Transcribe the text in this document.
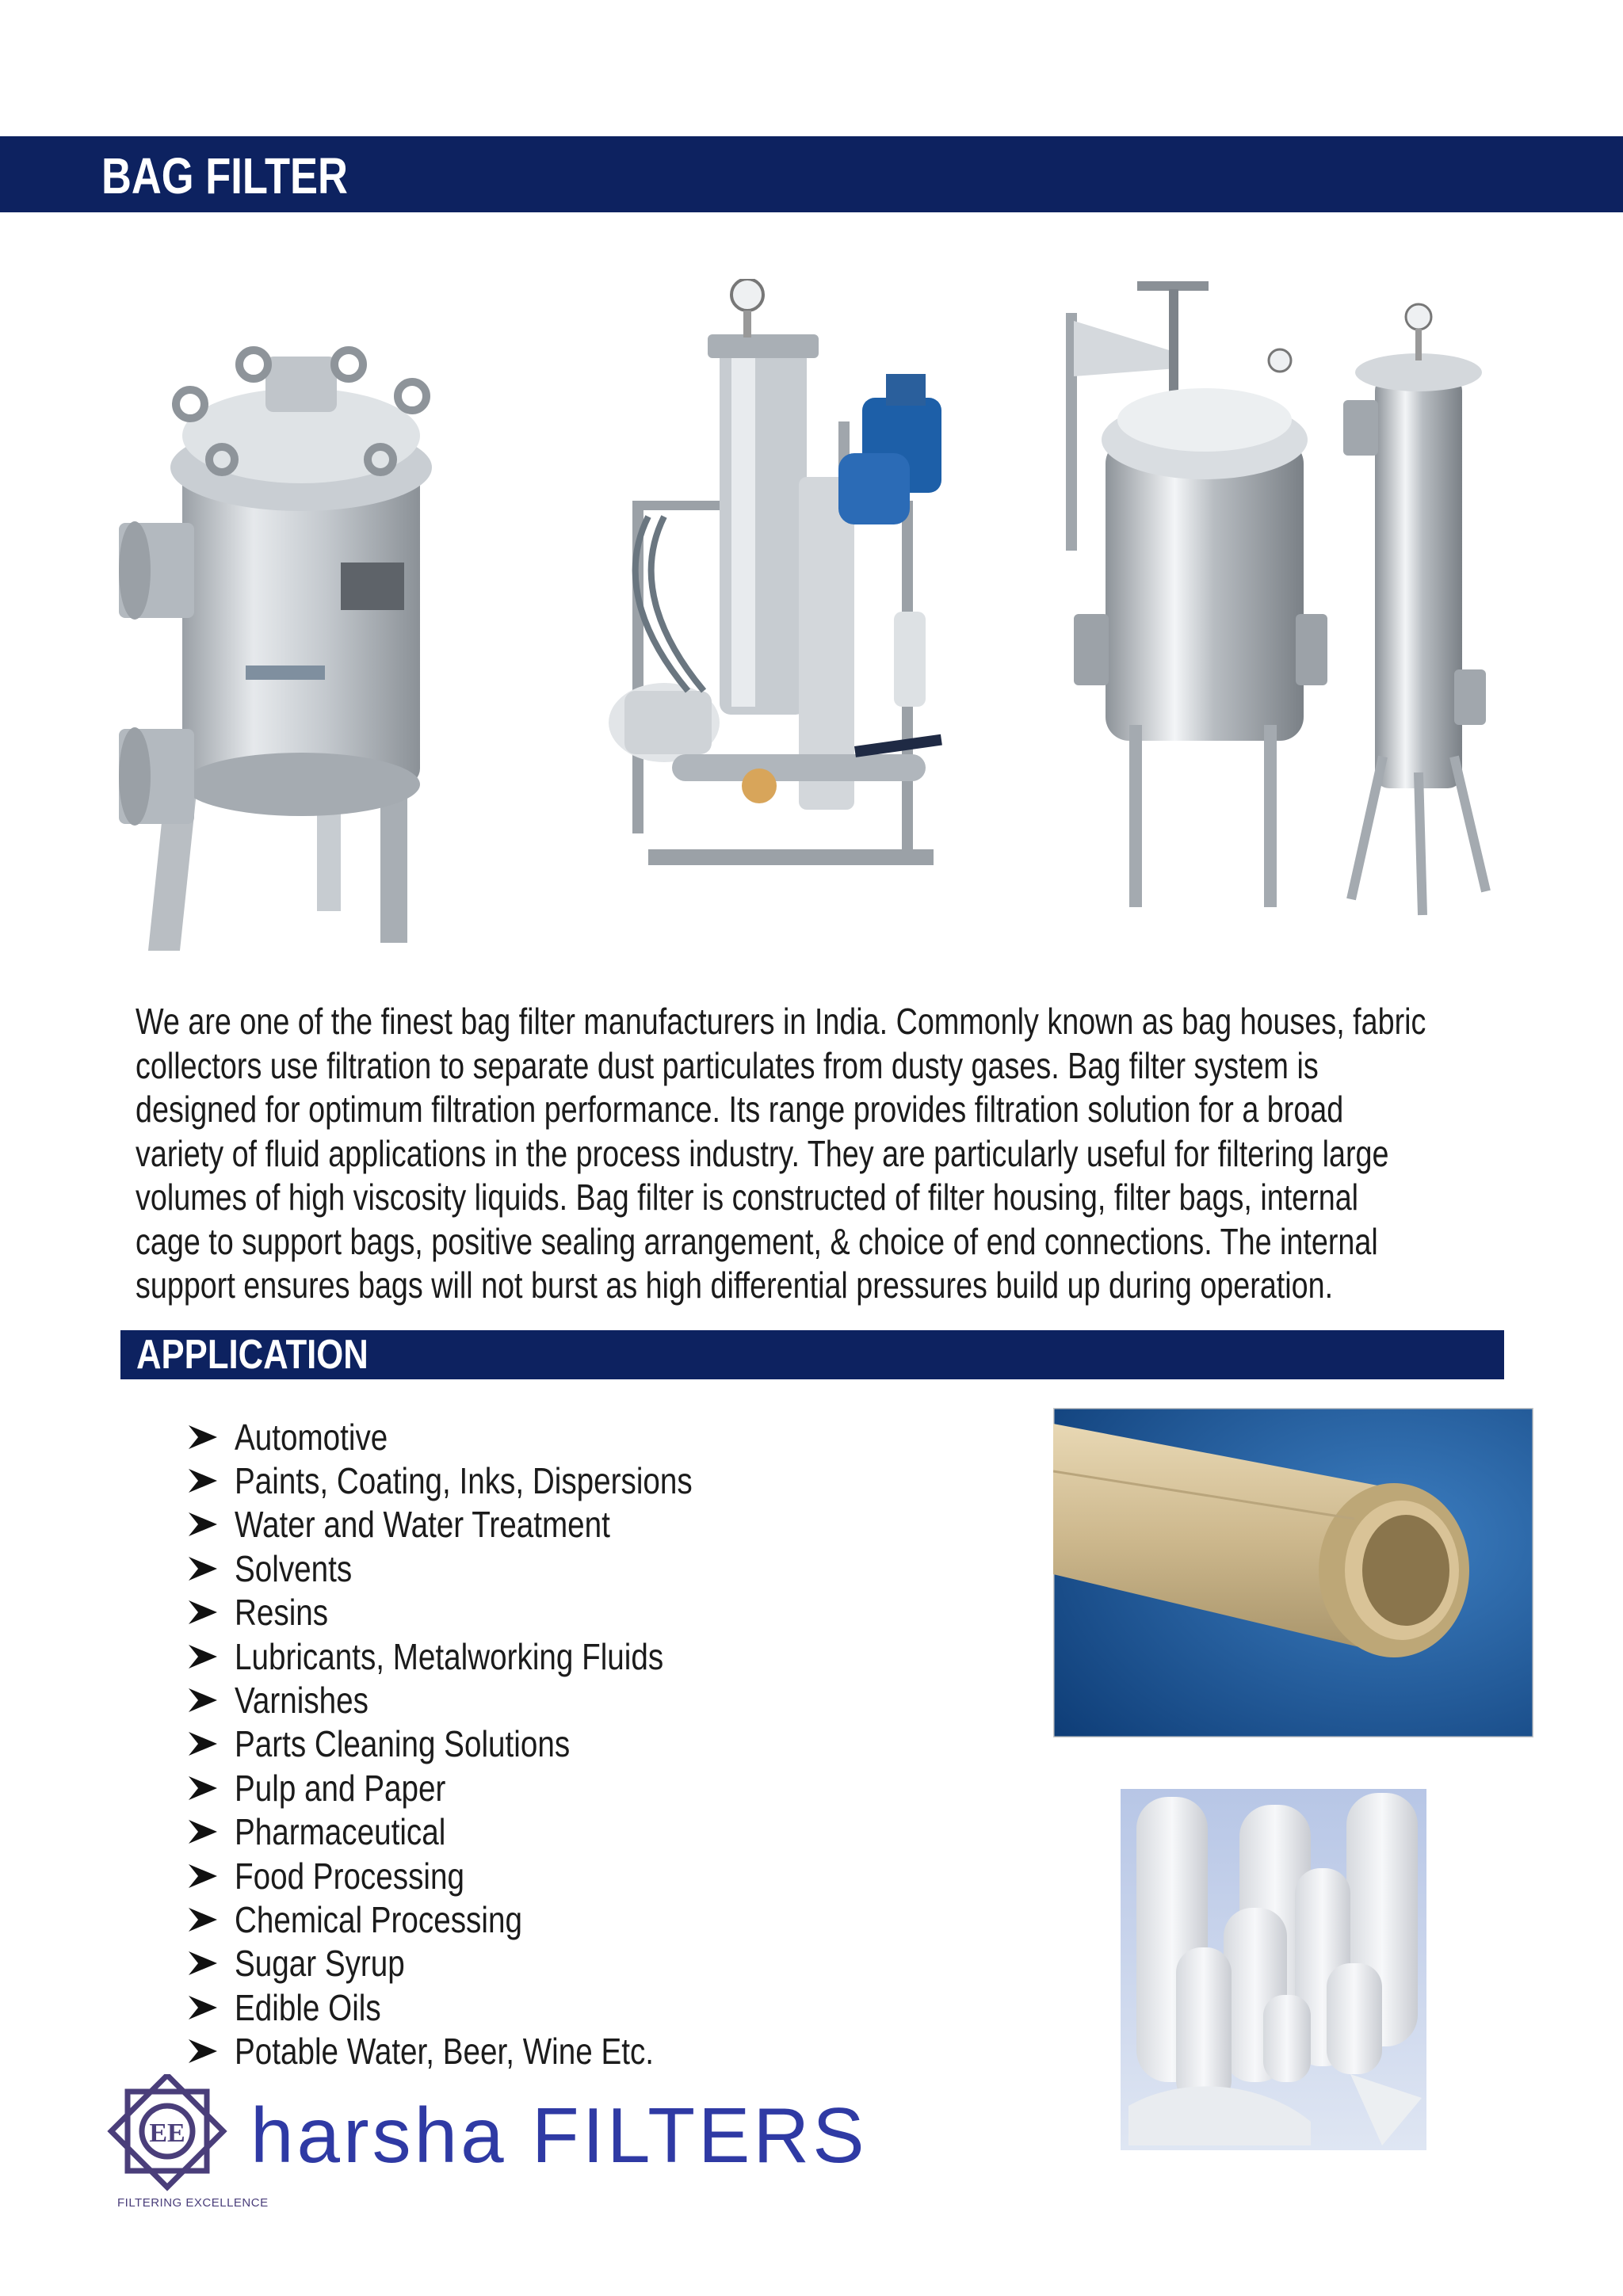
BAG FILTER
We are one of the finest bag filter manufacturers in India. Commonly known as bag houses, fabric
collectors use filtration to separate dust particulates from dusty gases. Bag filter system is
designed for optimum filtration performance. Its range provides filtration solution for a broad
variety of fluid applications in the process industry. They are particularly useful for filtering large
volumes of high viscosity liquids. Bag filter is constructed of filter housing, filter bags, internal
cage to support bags, positive sealing arrangement, & choice of end connections. The internal
support ensures bags will not burst as high differential pressures build up during operation.
APPLICATION
Automotive
Paints, Coating, Inks, Dispersions
Water and Water Treatment
Solvents
Resins
Lubricants, Metalworking Fluids
Varnishes
Parts Cleaning Solutions
Pulp and Paper
Pharmaceutical
Food Processing
Chemical Processing
Sugar Syrup
Edible Oils
Potable Water, Beer, Wine Etc.
EE
FILTERING EXCELLENCE
harsha FILTERS
